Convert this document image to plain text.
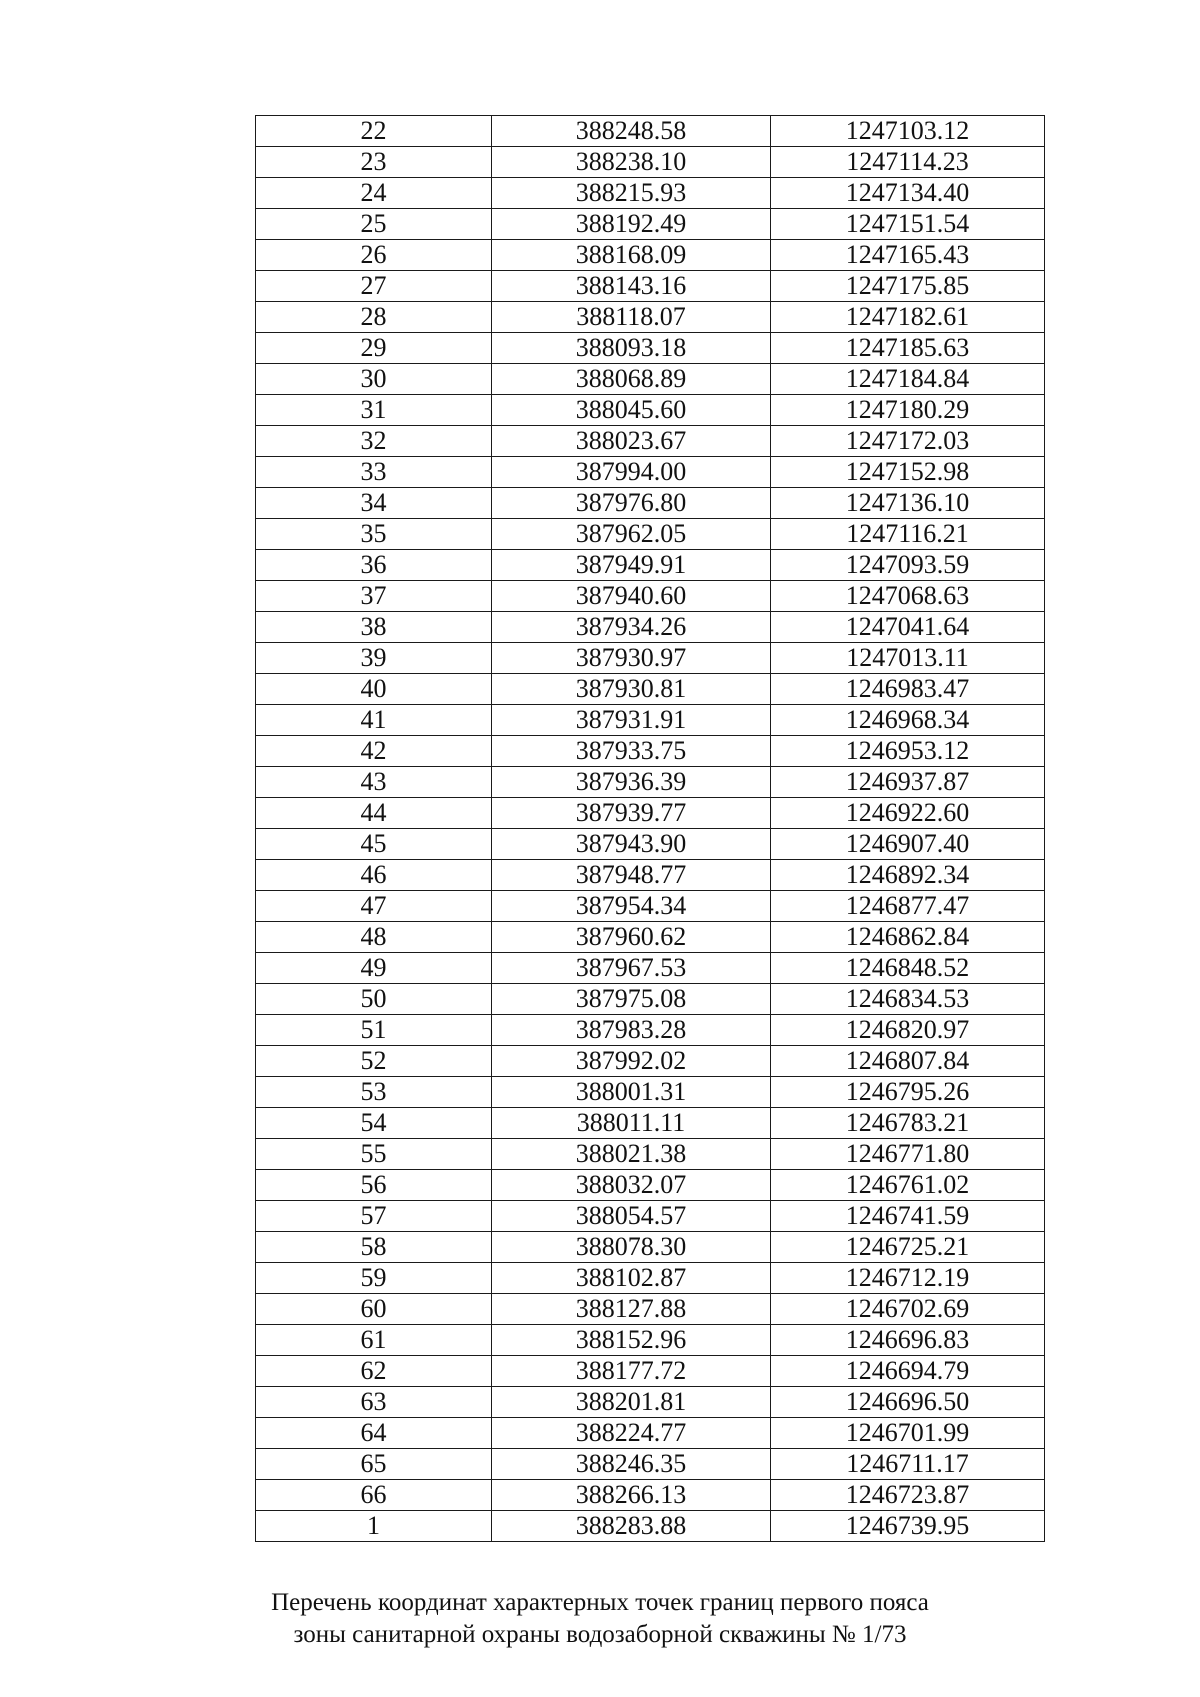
22	388248.58	1247103.12
23	388238.10	1247114.23
24	388215.93	1247134.40
25	388192.49	1247151.54
26	388168.09	1247165.43
27	388143.16	1247175.85
28	388118.07	1247182.61
29	388093.18	1247185.63
30	388068.89	1247184.84
31	388045.60	1247180.29
32	388023.67	1247172.03
33	387994.00	1247152.98
34	387976.80	1247136.10
35	387962.05	1247116.21
36	387949.91	1247093.59
37	387940.60	1247068.63
38	387934.26	1247041.64
39	387930.97	1247013.11
40	387930.81	1246983.47
41	387931.91	1246968.34
42	387933.75	1246953.12
43	387936.39	1246937.87
44	387939.77	1246922.60
45	387943.90	1246907.40
46	387948.77	1246892.34
47	387954.34	1246877.47
48	387960.62	1246862.84
49	387967.53	1246848.52
50	387975.08	1246834.53
51	387983.28	1246820.97
52	387992.02	1246807.84
53	388001.31	1246795.26
54	388011.11	1246783.21
55	388021.38	1246771.80
56	388032.07	1246761.02
57	388054.57	1246741.59
58	388078.30	1246725.21
59	388102.87	1246712.19
60	388127.88	1246702.69
61	388152.96	1246696.83
62	388177.72	1246694.79
63	388201.81	1246696.50
64	388224.77	1246701.99
65	388246.35	1246711.17
66	388266.13	1246723.87
1	388283.88	1246739.95
Перечень координат характерных точек границ первого пояса
зоны санитарной охраны водозаборной скважины № 1/73
